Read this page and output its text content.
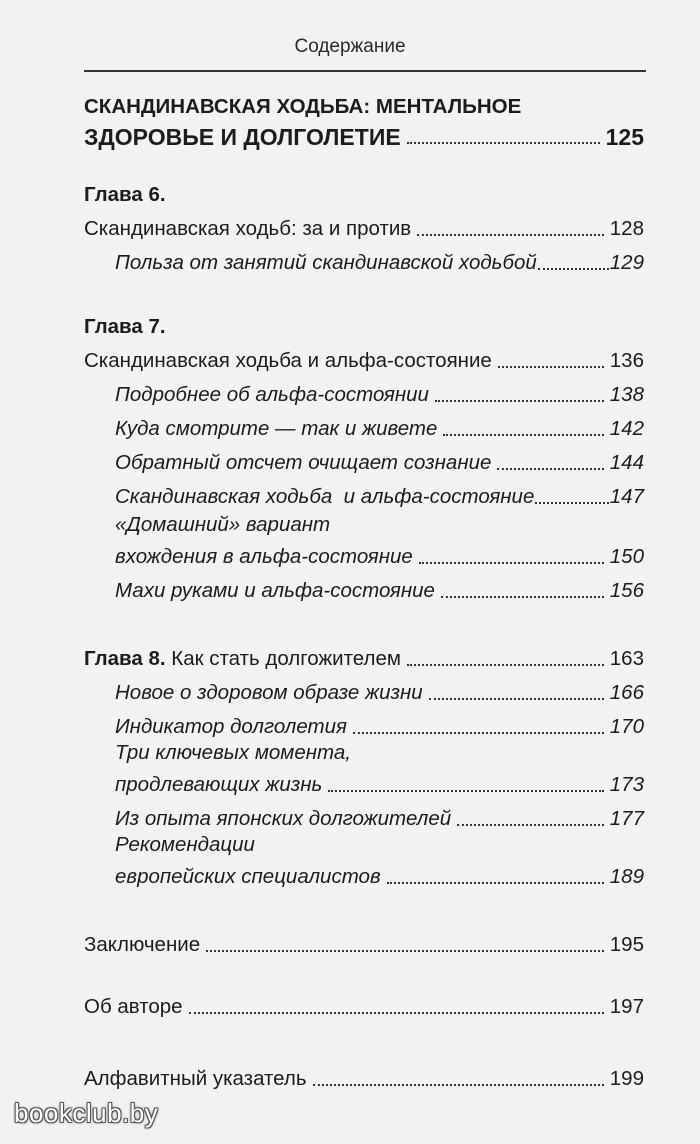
Содержание
СКАНДИНАВСКАЯ ХОДЬБА: МЕНТАЛЬНОЕ
ЗДОРОВЬЕ И ДОЛГОЛЕТИЕ	125
Глава 6.
Скандинавская ходьб: за и против	128
Польза от занятий скандинавской ходьбой	129
Глава 7.
Скандинавская ходьба и альфа-состояние	136
Подробнее об альфа-состоянии	138
Куда смотрите — так и живете	142
Обратный отсчет очищает сознание	144
Скандинавская ходьба  и альфа-состояние	147
«Домашний» вариант
вхождения в альфа-состояние	150
Махи руками и альфа-состояние	156
Глава 8. Как стать долгожителем	163
Новое о здоровом образе жизни	166
Индикатор долголетия	170
Три ключевых момента,
продлевающих жизнь	173
Из опыта японских долгожителей	177
Рекомендации
европейских специалистов	189
Заключение	195
Об авторе	197
Алфавитный указатель	199
bookclub.by
